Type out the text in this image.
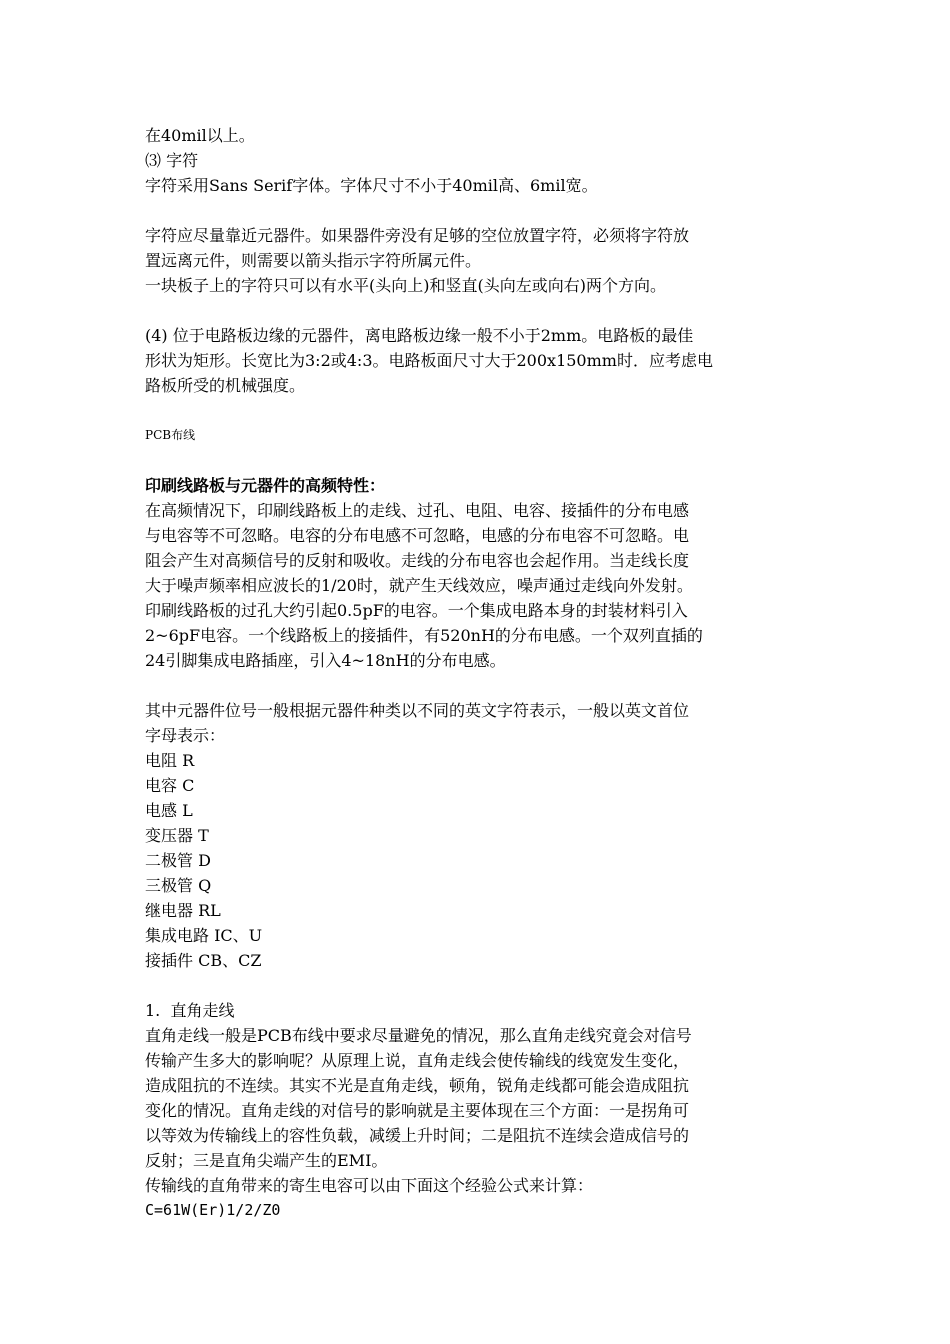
在40mil以上。
⑶ 字符
字符采用Sans Serif字体。字体尺寸不小于40mil高、6mil宽。
字符应尽量靠近元器件。如果器件旁没有足够的空位放置字符，必须将字符放
置远离元件，则需要以箭头指示字符所属元件。
一块板子上的字符只可以有水平(头向上)和竖直(头向左或向右)两个方向。
(4) 位于电路板边缘的元器件，离电路板边缘一般不小于2mm。电路板的最佳
形状为矩形。长宽比为3:2或4:3。电路板面尺寸大于200x150mm时．应考虑电
路板所受的机械强度。
PCB布线
印刷线路板与元器件的高频特性：
在高频情况下，印刷线路板上的走线、过孔、电阻、电容、接插件的分布电感
与电容等不可忽略。电容的分布电感不可忽略，电感的分布电容不可忽略。电
阻会产生对高频信号的反射和吸收。走线的分布电容也会起作用。当走线长度
大于噪声频率相应波长的1/20时，就产生天线效应，噪声通过走线向外发射。
印刷线路板的过孔大约引起0.5pF的电容。一个集成电路本身的封装材料引入
2~6pF电容。一个线路板上的接插件，有520nH的分布电感。一个双列直插的
24引脚集成电路插座，引入4~18nH的分布电感。
其中元器件位号一般根据元器件种类以不同的英文字符表示，一般以英文首位
字母表示：
电阻 R
电容 C
电感 L
变压器 T
二极管 D
三极管 Q
继电器 RL
集成电路 IC、U
接插件 CB、CZ
1.  直角走线
直角走线一般是PCB布线中要求尽量避免的情况，那么直角走线究竟会对信号
传输产生多大的影响呢？从原理上说，直角走线会使传输线的线宽发生变化，
造成阻抗的不连续。其实不光是直角走线，顿角，锐角走线都可能会造成阻抗
变化的情况。直角走线的对信号的影响就是主要体现在三个方面：一是拐角可
以等效为传输线上的容性负载，减缓上升时间；二是阻抗不连续会造成信号的
反射；三是直角尖端产生的EMI。
传输线的直角带来的寄生电容可以由下面这个经验公式来计算：
C=61W(Er)1/2/Z0
